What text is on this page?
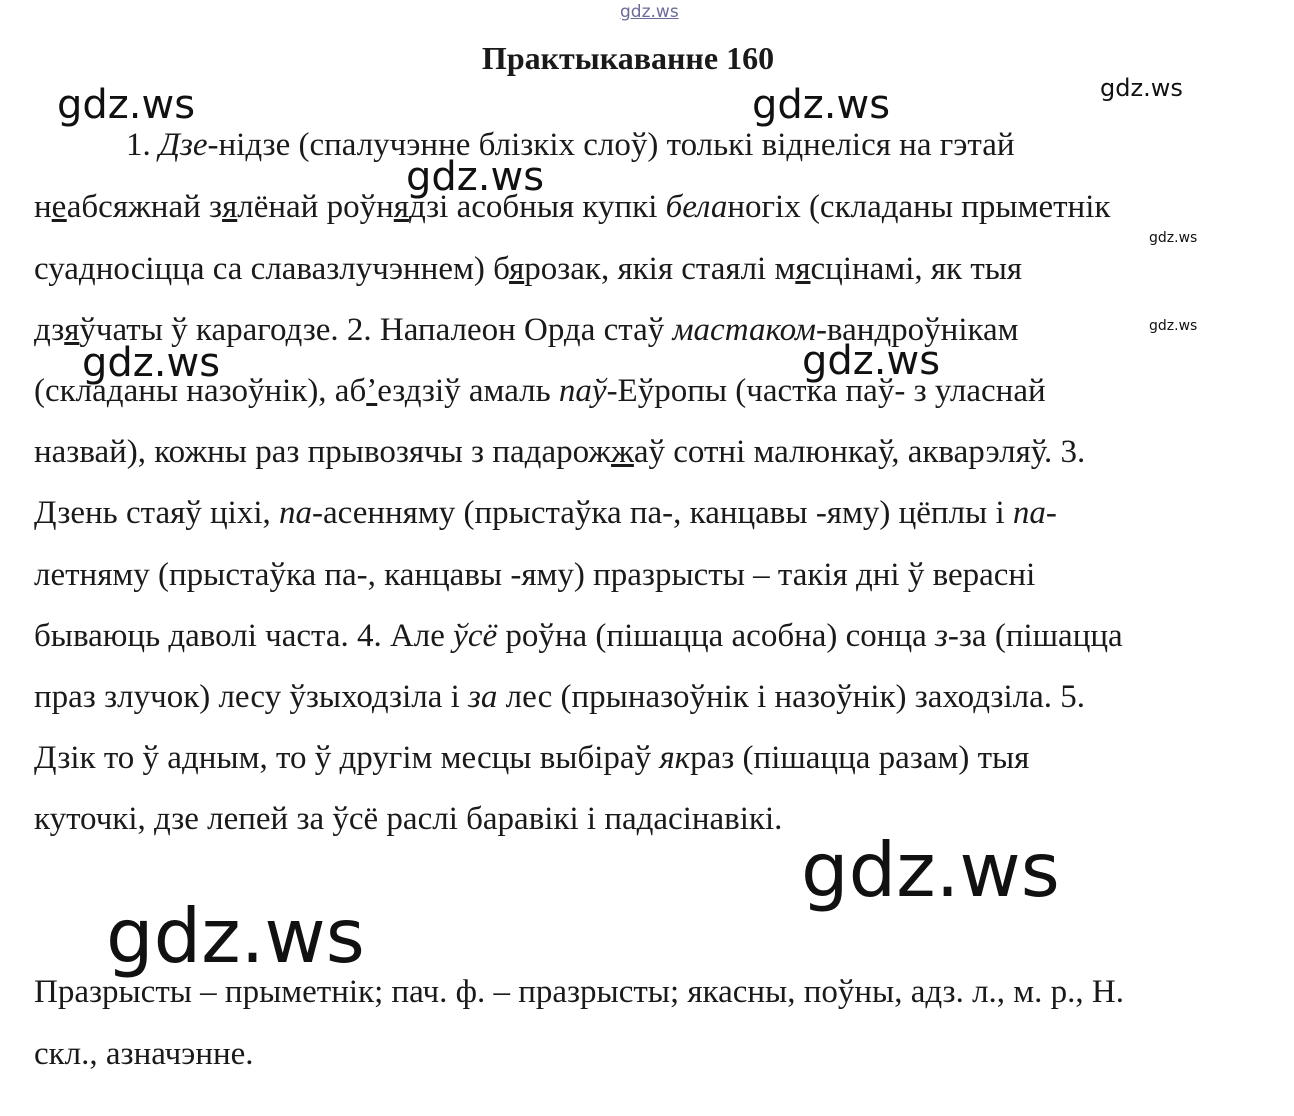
gdz.ws
gdz.ws	gdz.ws	gdz.ws
gdz.ws
gdz.ws
gdz.ws
gdz.ws	gdz.ws
gdz.ws
gdz.ws
Практыкаванне 160
1. Дзе-нідзе (спалучэнне блізкіх слоў) толькі віднеліся на гэтай
неабсяжнай зялёнай роўнядзі асобныя купкі беланогіх (складаны прыметнік
суадносіцца са славазлучэннем) бярозак, якія стаялі мясцінамі, як тыя
дзяўчаты ў карагодзе. 2. Напалеон Орда стаў мастаком-вандроўнікам
(складаны назоўнік), абʼездзіў амаль паў-Еўропы (часткa паў- з уласнай
назвай), кожны раз прывозячы з падарожжаў сотні малюнкаў, акварэляў. 3.
Дзень стаяў ціхі, па-асенняму (прыстаўка па-, канцавы -яму) цёплы і па-
летняму (прыстаўка па-, канцавы -яму) празрысты – такія дні ў верасні
бываюць даволі часта. 4. Але ўсё роўна (пішацца асобна) сонца з-за (пішацца
праз злучок) лесу ўзыходзіла і за лес (прыназоўнік і назоўнік) заходзіла. 5.
Дзік то ў адным, то ў другім месцы выбіраў якраз (пішацца разам) тыя
куточкі, дзе лепей за ўсё раслі баравікі і падасінавікі.
Празрысты – прыметнік; пач. ф. – празрысты; якасны, поўны, адз. л., м. р., Н.
скл., азначэнне.
